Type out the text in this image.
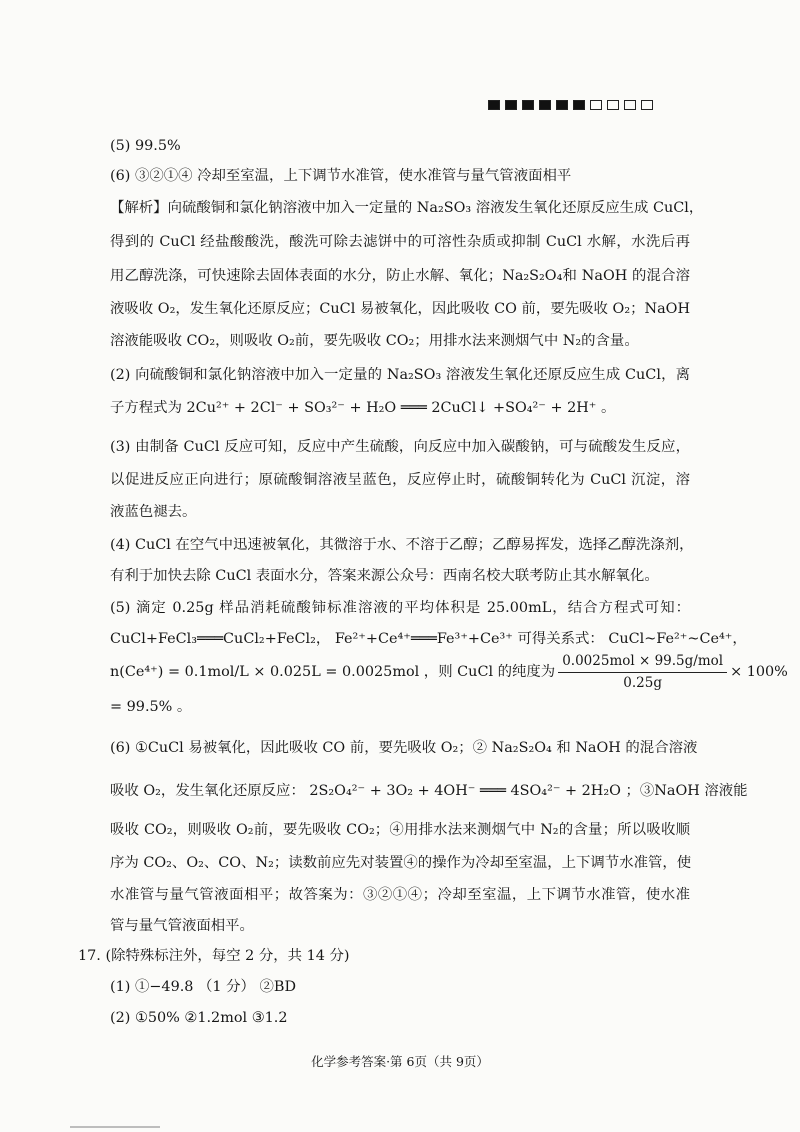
(5) 99.5%
(6) ③②①④ 冷却至室温，上下调节水准管，使水准管与量气管液面相平
【解析】向硫酸铜和氯化钠溶液中加入一定量的 Na₂SO₃ 溶液发生氧化还原反应生成 CuCl，
得到的 CuCl 经盐酸酸洗，酸洗可除去滤饼中的可溶性杂质或抑制 CuCl 水解，水洗后再
用乙醇洗涤，可快速除去固体表面的水分，防止水解、氧化；Na₂S₂O₄和 NaOH 的混合溶
液吸收 O₂，发生氧化还原反应；CuCl 易被氧化，因此吸收 CO 前，要先吸收 O₂；NaOH
溶液能吸收 CO₂，则吸收 O₂前，要先吸收 CO₂；用排水法来测烟气中 N₂的含量。
(2) 向硫酸铜和氯化钠溶液中加入一定量的 Na₂SO₃ 溶液发生氧化还原反应生成 CuCl，离
子方程式为 2Cu²⁺ + 2Cl⁻ + SO₃²⁻ + H₂O ═══ 2CuCl↓ +SO₄²⁻ + 2H⁺ 。
(3) 由制备 CuCl 反应可知，反应中产生硫酸，向反应中加入碳酸钠，可与硫酸发生反应，
以促进反应正向进行；原硫酸铜溶液呈蓝色，反应停止时，硫酸铜转化为 CuCl 沉淀，溶
液蓝色褪去。
(4) CuCl 在空气中迅速被氧化，其微溶于水、不溶于乙醇；乙醇易挥发，选择乙醇洗涤剂，
有利于加快去除 CuCl 表面水分，答案来源公众号：西南名校大联考防止其水解氧化。
(5) 滴定 0.25g 样品消耗硫酸铈标准溶液的平均体积是 25.00mL，结合方程式可知：
CuCl+FeCl₃═══CuCl₂+FeCl₂， Fe²⁺+Ce⁴⁺═══Fe³⁺+Ce³⁺ 可得关系式： CuCl~Fe²⁺~Ce⁴⁺，
n(Ce⁴⁺) = 0.1mol/L × 0.025L = 0.0025mol ，则 CuCl 的纯度为 $\frac{\text{0.0025mol × 99.5g/mol}}{0.25g} \times 100\%$
= 99.5% 。
(6) ①CuCl 易被氧化，因此吸收 CO 前，要先吸收 O₂；② Na₂S₂O₄ 和 NaOH 的混合溶液
吸收 O₂，发生氧化还原反应： 2S₂O₄²⁻ + 3O₂ + 4OH⁻ ═══ 4SO₄²⁻ + 2H₂O ；③NaOH 溶液能
吸收 CO₂，则吸收 O₂前，要先吸收 CO₂；④用排水法来测烟气中 N₂的含量；所以吸收顺
序为 CO₂、O₂、CO、N₂；读数前应先对装置④的操作为冷却至室温，上下调节水准管，使
水准管与量气管液面相平；故答案为：③②①④；冷却至室温，上下调节水准管，使水准
管与量气管液面相平。
17. (除特殊标注外，每空 2 分，共 14 分)
(1) ①−49.8 （1 分） ②BD
(2) ①50% ②1.2mol ③1.2
化学参考答案·第 6页（共 9页）
